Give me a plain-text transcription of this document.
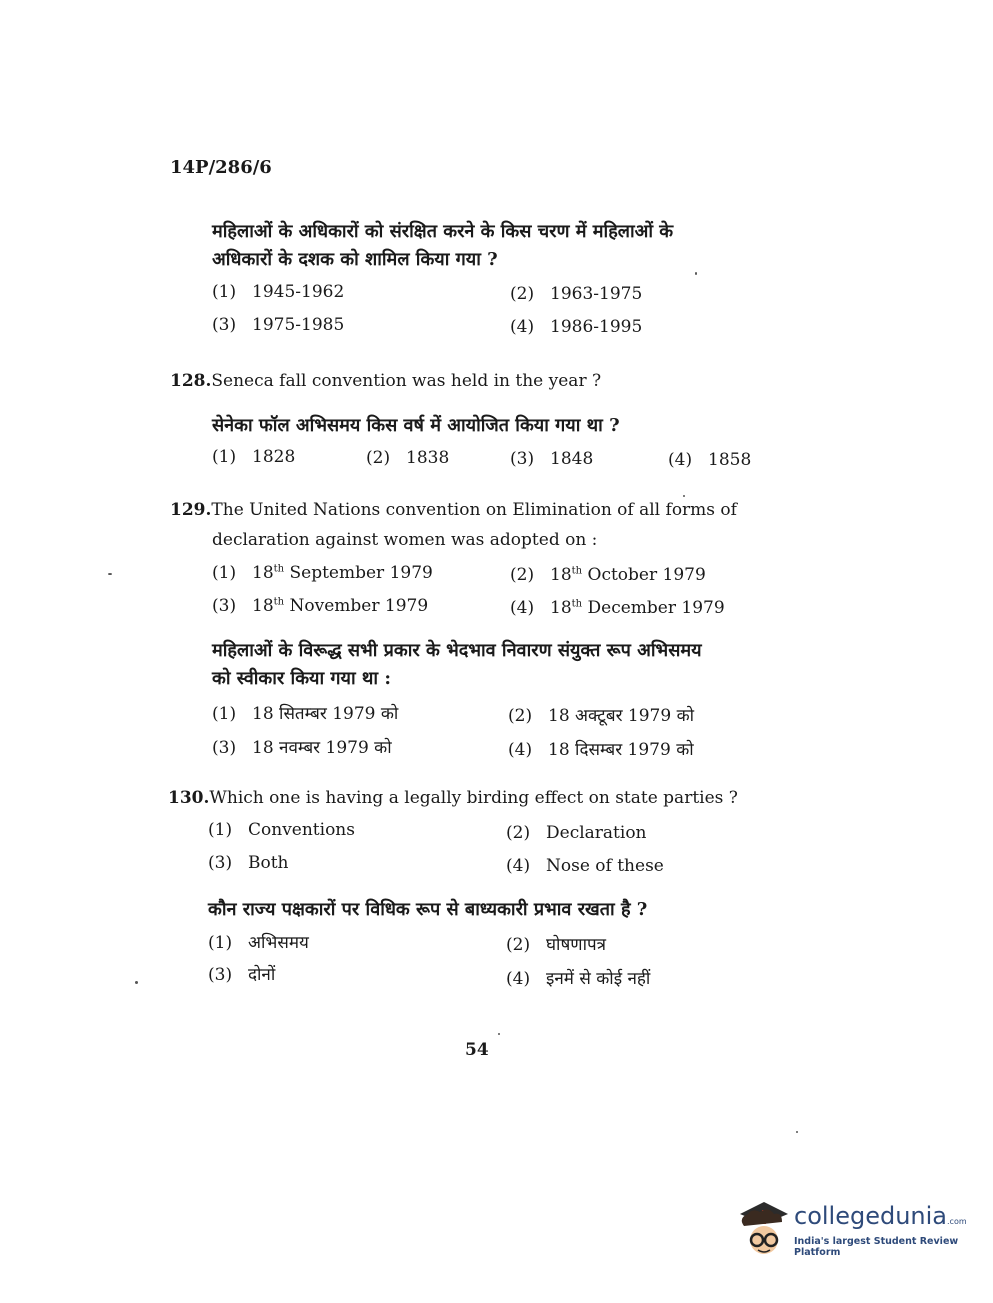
14P/286/6
महिलाओं के अधिकारों को संरक्षित करने के किस चरण में महिलाओं के
अधिकारों के दशक को शामिल किया गया ?
(1) 1945-1962	(2) 1963-1975
(3) 1975-1985	(4) 1986-1995
128.Seneca fall convention was held in the year ?
सेनेका फॉल अभिसमय किस वर्ष में आयोजित किया गया था ?
(1) 1828	(2) 1838	(3) 1848	(4) 1858
129.The United Nations convention on Elimination of all forms of
declaration against women was adopted on :
(1) 18th September 1979	(2) 18th October 1979
(3) 18th November 1979	(4) 18th December 1979
महिलाओं के विरूद्ध सभी प्रकार के भेदभाव निवारण संयुक्त रूप अभिसमय
को स्वीकार किया गया था :
(1) 18 सितम्बर 1979 को	(2) 18 अक्टूबर 1979 को
(3) 18 नवम्बर 1979 को	(4) 18 दिसम्बर 1979 को
130.Which one is having a legally birding effect on state parties ?
(1) Conventions	(2) Declaration
(3) Both	(4) Nose of these
कौन राज्य पक्षकारों पर विधिक रूप से बाध्यकारी प्रभाव रखता है ?
(1) अभिसमय	(2) घोषणापत्र
(3) दोनों	(4) इनमें से कोई नहीं
54
collegedunia.com
India's largest Student Review Platform
